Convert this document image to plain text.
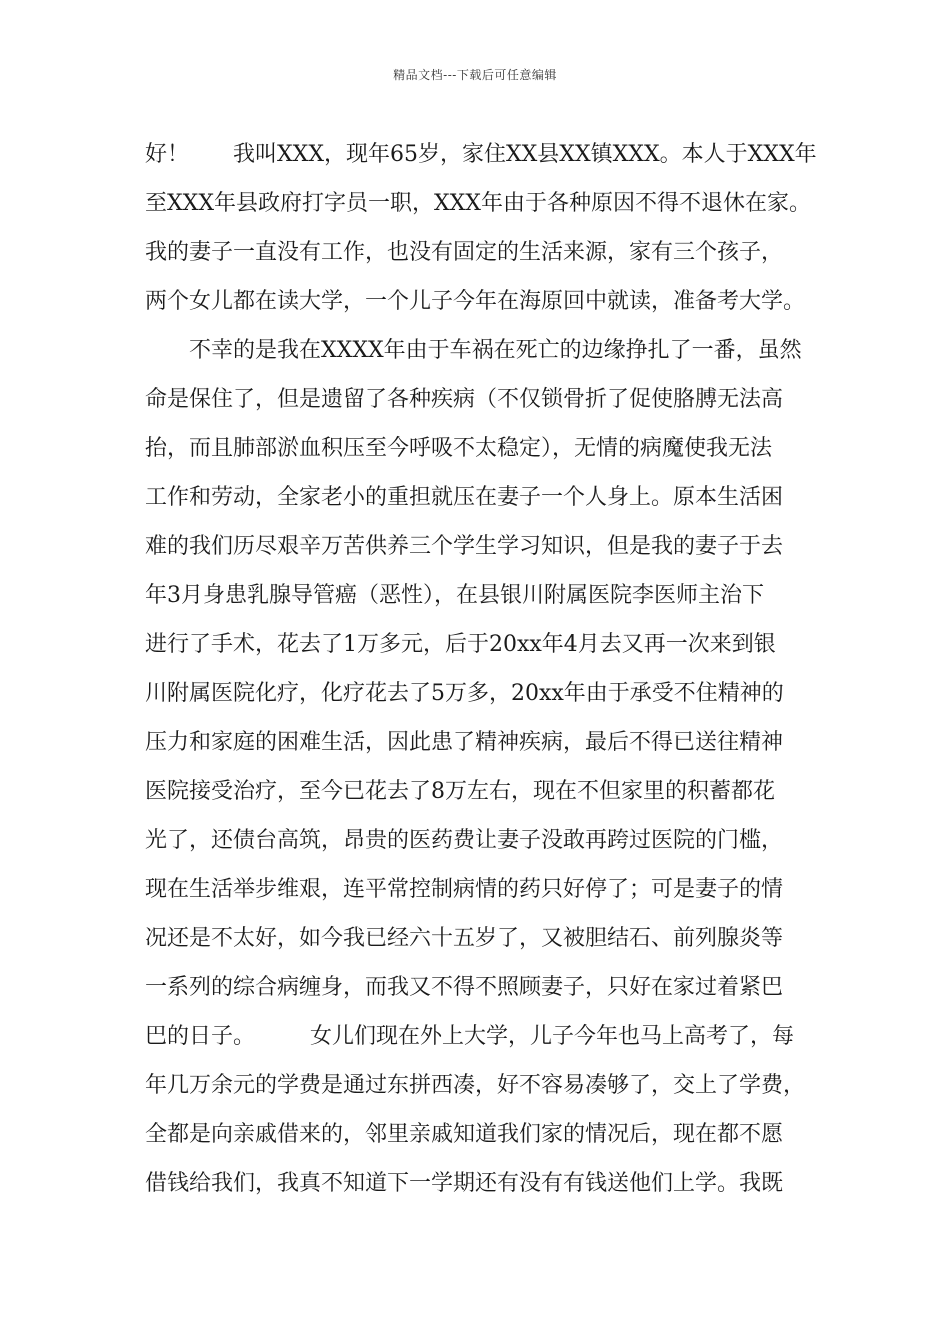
精品文档---下载后可任意编辑
好！　　我叫XXX，现年65岁，家住XX县XX镇XXX。本人于XXX年
至XXX年县政府打字员一职，XXX年由于各种原因不得不退休在家。
我的妻子一直没有工作，也没有固定的生活来源，家有三个孩子，
两个女儿都在读大学，一个儿子今年在海原回中就读，准备考大学。
　　不幸的是我在XXXX年由于车祸在死亡的边缘挣扎了一番，虽然
命是保住了，但是遗留了各种疾病（不仅锁骨折了促使胳膊无法高
抬，而且肺部淤血积压至今呼吸不太稳定），无情的病魔使我无法
工作和劳动，全家老小的重担就压在妻子一个人身上。原本生活困
难的我们历尽艰辛万苦供养三个学生学习知识，但是我的妻子于去
年3月身患乳腺导管癌（恶性），在县银川附属医院李医师主治下
进行了手术，花去了1万多元，后于20xx年4月去又再一次来到银
川附属医院化疗，化疗花去了5万多，20xx年由于承受不住精神的
压力和家庭的困难生活，因此患了精神疾病，最后不得已送往精神
医院接受治疗，至今已花去了8万左右，现在不但家里的积蓄都花
光了，还债台高筑，昂贵的医药费让妻子没敢再跨过医院的门槛，
现在生活举步维艰，连平常控制病情的药只好停了；可是妻子的情
况还是不太好，如今我已经六十五岁了，又被胆结石、前列腺炎等
一系列的综合病缠身，而我又不得不照顾妻子，只好在家过着紧巴
巴的日子。　　　女儿们现在外上大学，儿子今年也马上高考了，每
年几万余元的学费是通过东拼西凑，好不容易凑够了，交上了学费，
全都是向亲戚借来的，邻里亲戚知道我们家的情况后，现在都不愿
借钱给我们，我真不知道下一学期还有没有有钱送他们上学。我既
